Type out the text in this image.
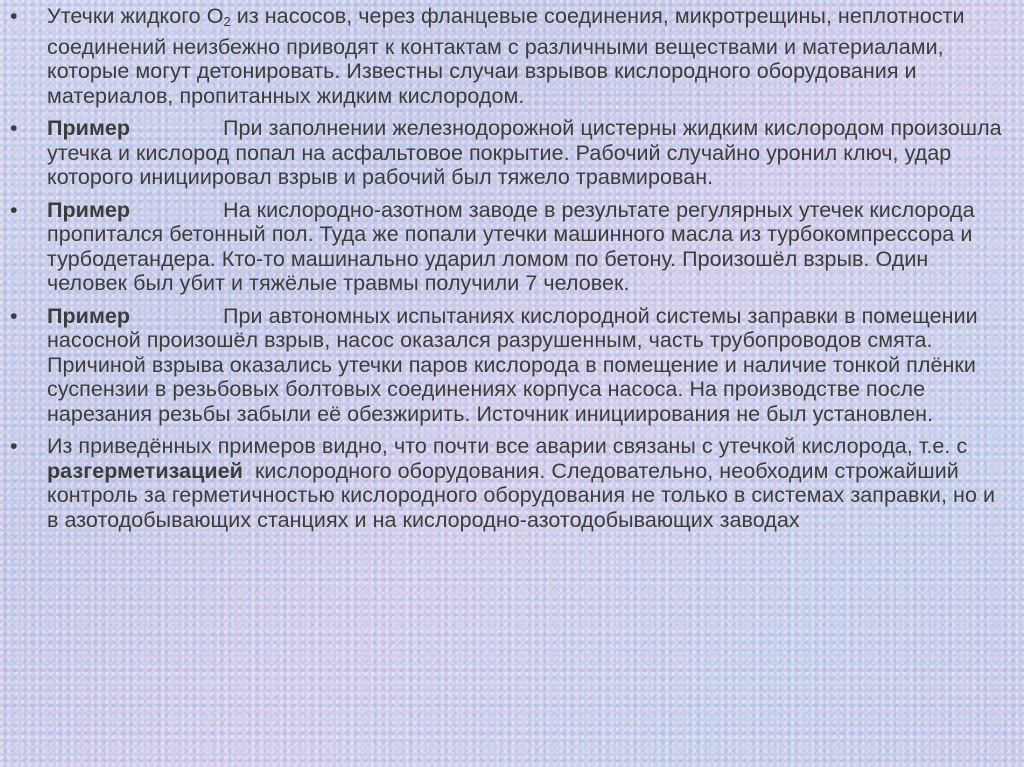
•	Утечки жидкого $О_2$ из насосов, через фланцевые соединения, микротрещины, неплотности соединений неизбежно приводят к контактам с различными веществами и материалами, которые могут детонировать. Известны случаи взрывов кислородного оборудования и материалов, пропитанных жидким кислородом.
•	Пример	При заполнении железнодорожной цистерны жидким кислородом произошла утечка и кислород попал на асфальтовое покрытие. Рабочий случайно уронил ключ, удар которого инициировал взрыв и рабочий был тяжело травмирован.
•	Пример	На кислородно-азотном заводе в результате регулярных утечек кислорода пропитался бетонный пол. Туда же попали утечки машинного масла из турбокомпрессора и турбодетандера. Кто-то машинально ударил ломом по бетону. Произошёл взрыв. Один человек был убит и тяжёлые травмы получили 7 человек.
•	Пример	При автономных испытаниях кислородной системы заправки в помещении насосной произошёл взрыв, насос оказался разрушенным, часть трубопроводов смята. Причиной взрыва оказались утечки паров кислорода в помещение и наличие тонкой плёнки суспензии в резьбовых болтовых соединениях корпуса насоса. На производстве после нарезания резьбы забыли её обезжирить. Источник инициирования не был установлен.
•	Из приведённых примеров видно, что почти все аварии связаны с утечкой кислорода, т.е. с разгерметизацией  кислородного оборудования. Следовательно, необходим строжайший контроль за герметичностью кислородного оборудования не только в системах заправки, но и в азотодобывающих станциях и на кислородно-азотодобывающих заводах
